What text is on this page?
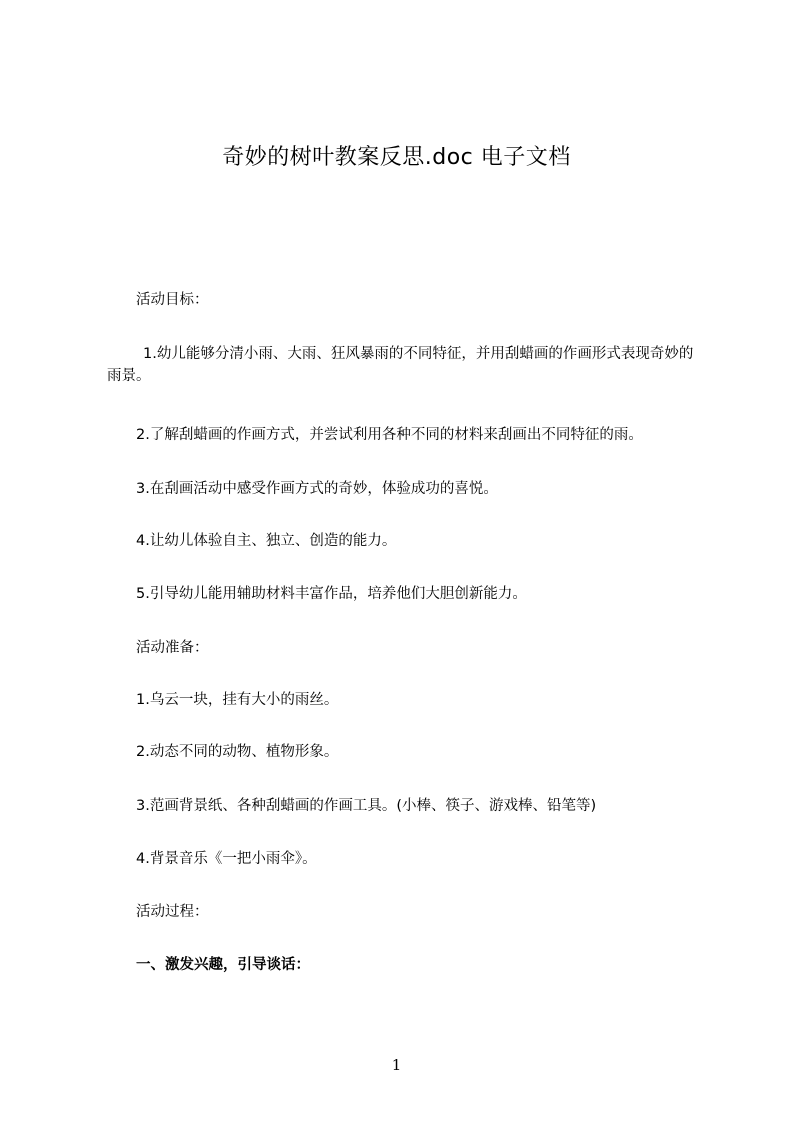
奇妙的树叶教案反思.doc 电子文档

活动目标：

1.幼儿能够分清小雨、大雨、狂风暴雨的不同特征，并用刮蜡画的作画形式表现奇妙的雨景。

2.了解刮蜡画的作画方式，并尝试利用各种不同的材料来刮画出不同特征的雨。

3.在刮画活动中感受作画方式的奇妙，体验成功的喜悦。

4.让幼儿体验自主、独立、创造的能力。

5.引导幼儿能用辅助材料丰富作品，培养他们大胆创新能力。

活动准备：

1.乌云一块，挂有大小的雨丝。

2.动态不同的动物、植物形象。

3.范画背景纸、各种刮蜡画的作画工具。(小棒、筷子、游戏棒、铅笔等)

4.背景音乐《一把小雨伞》。

活动过程：

一、激发兴趣，引导谈话：

1
